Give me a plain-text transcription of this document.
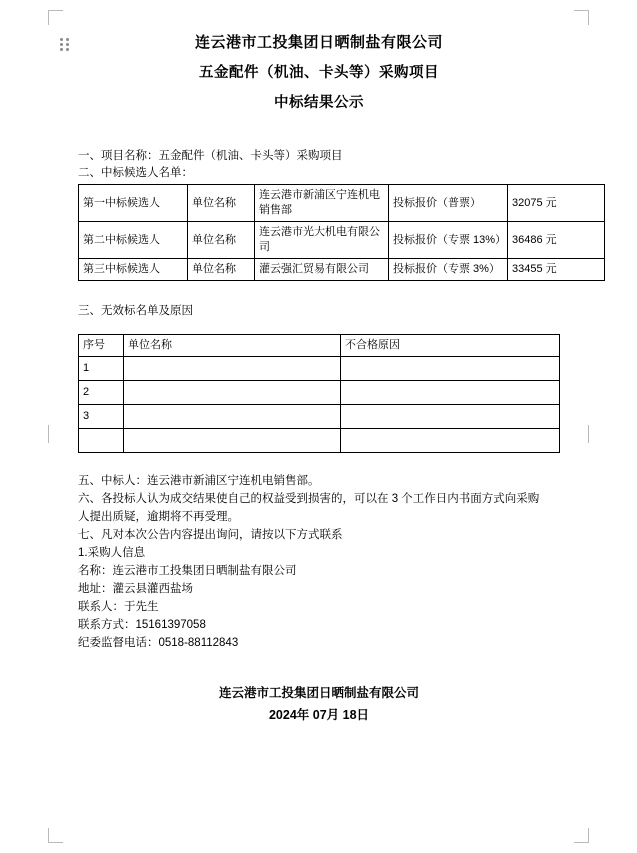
连云港市工投集团日晒制盐有限公司
五金配件（机油、卡头等）采购项目
中标结果公示

一、项目名称：五金配件（机油、卡头等）采购项目

二、中标候选人名单：

第一中标候选人	单位名称	连云港市新浦区宁连机电销售部	投标报价（普票）	32075 元
第二中标候选人	单位名称	连云港市光大机电有限公司	投标报价（专票 13%）	36486 元
第三中标候选人	单位名称	灌云强汇贸易有限公司	投标报价（专票 3%）	33455 元

三、无效标名单及原因

序号	单位名称	不合格原因
1		
2		
3		

五、中标人：连云港市新浦区宁连机电销售部。

六、各投标人认为成交结果使自己的权益受到损害的，可以在 3 个工作日内书面方式向采购

人提出质疑，逾期将不再受理。

七、凡对本次公告内容提出询问，请按以下方式联系

1.采购人信息

名称：连云港市工投集团日晒制盐有限公司

地址：灌云县灌西盐场

联系人：于先生

联系方式：15161397058

纪委监督电话：0518-88112843

连云港市工投集团日晒制盐有限公司
2024年 07月 18日
